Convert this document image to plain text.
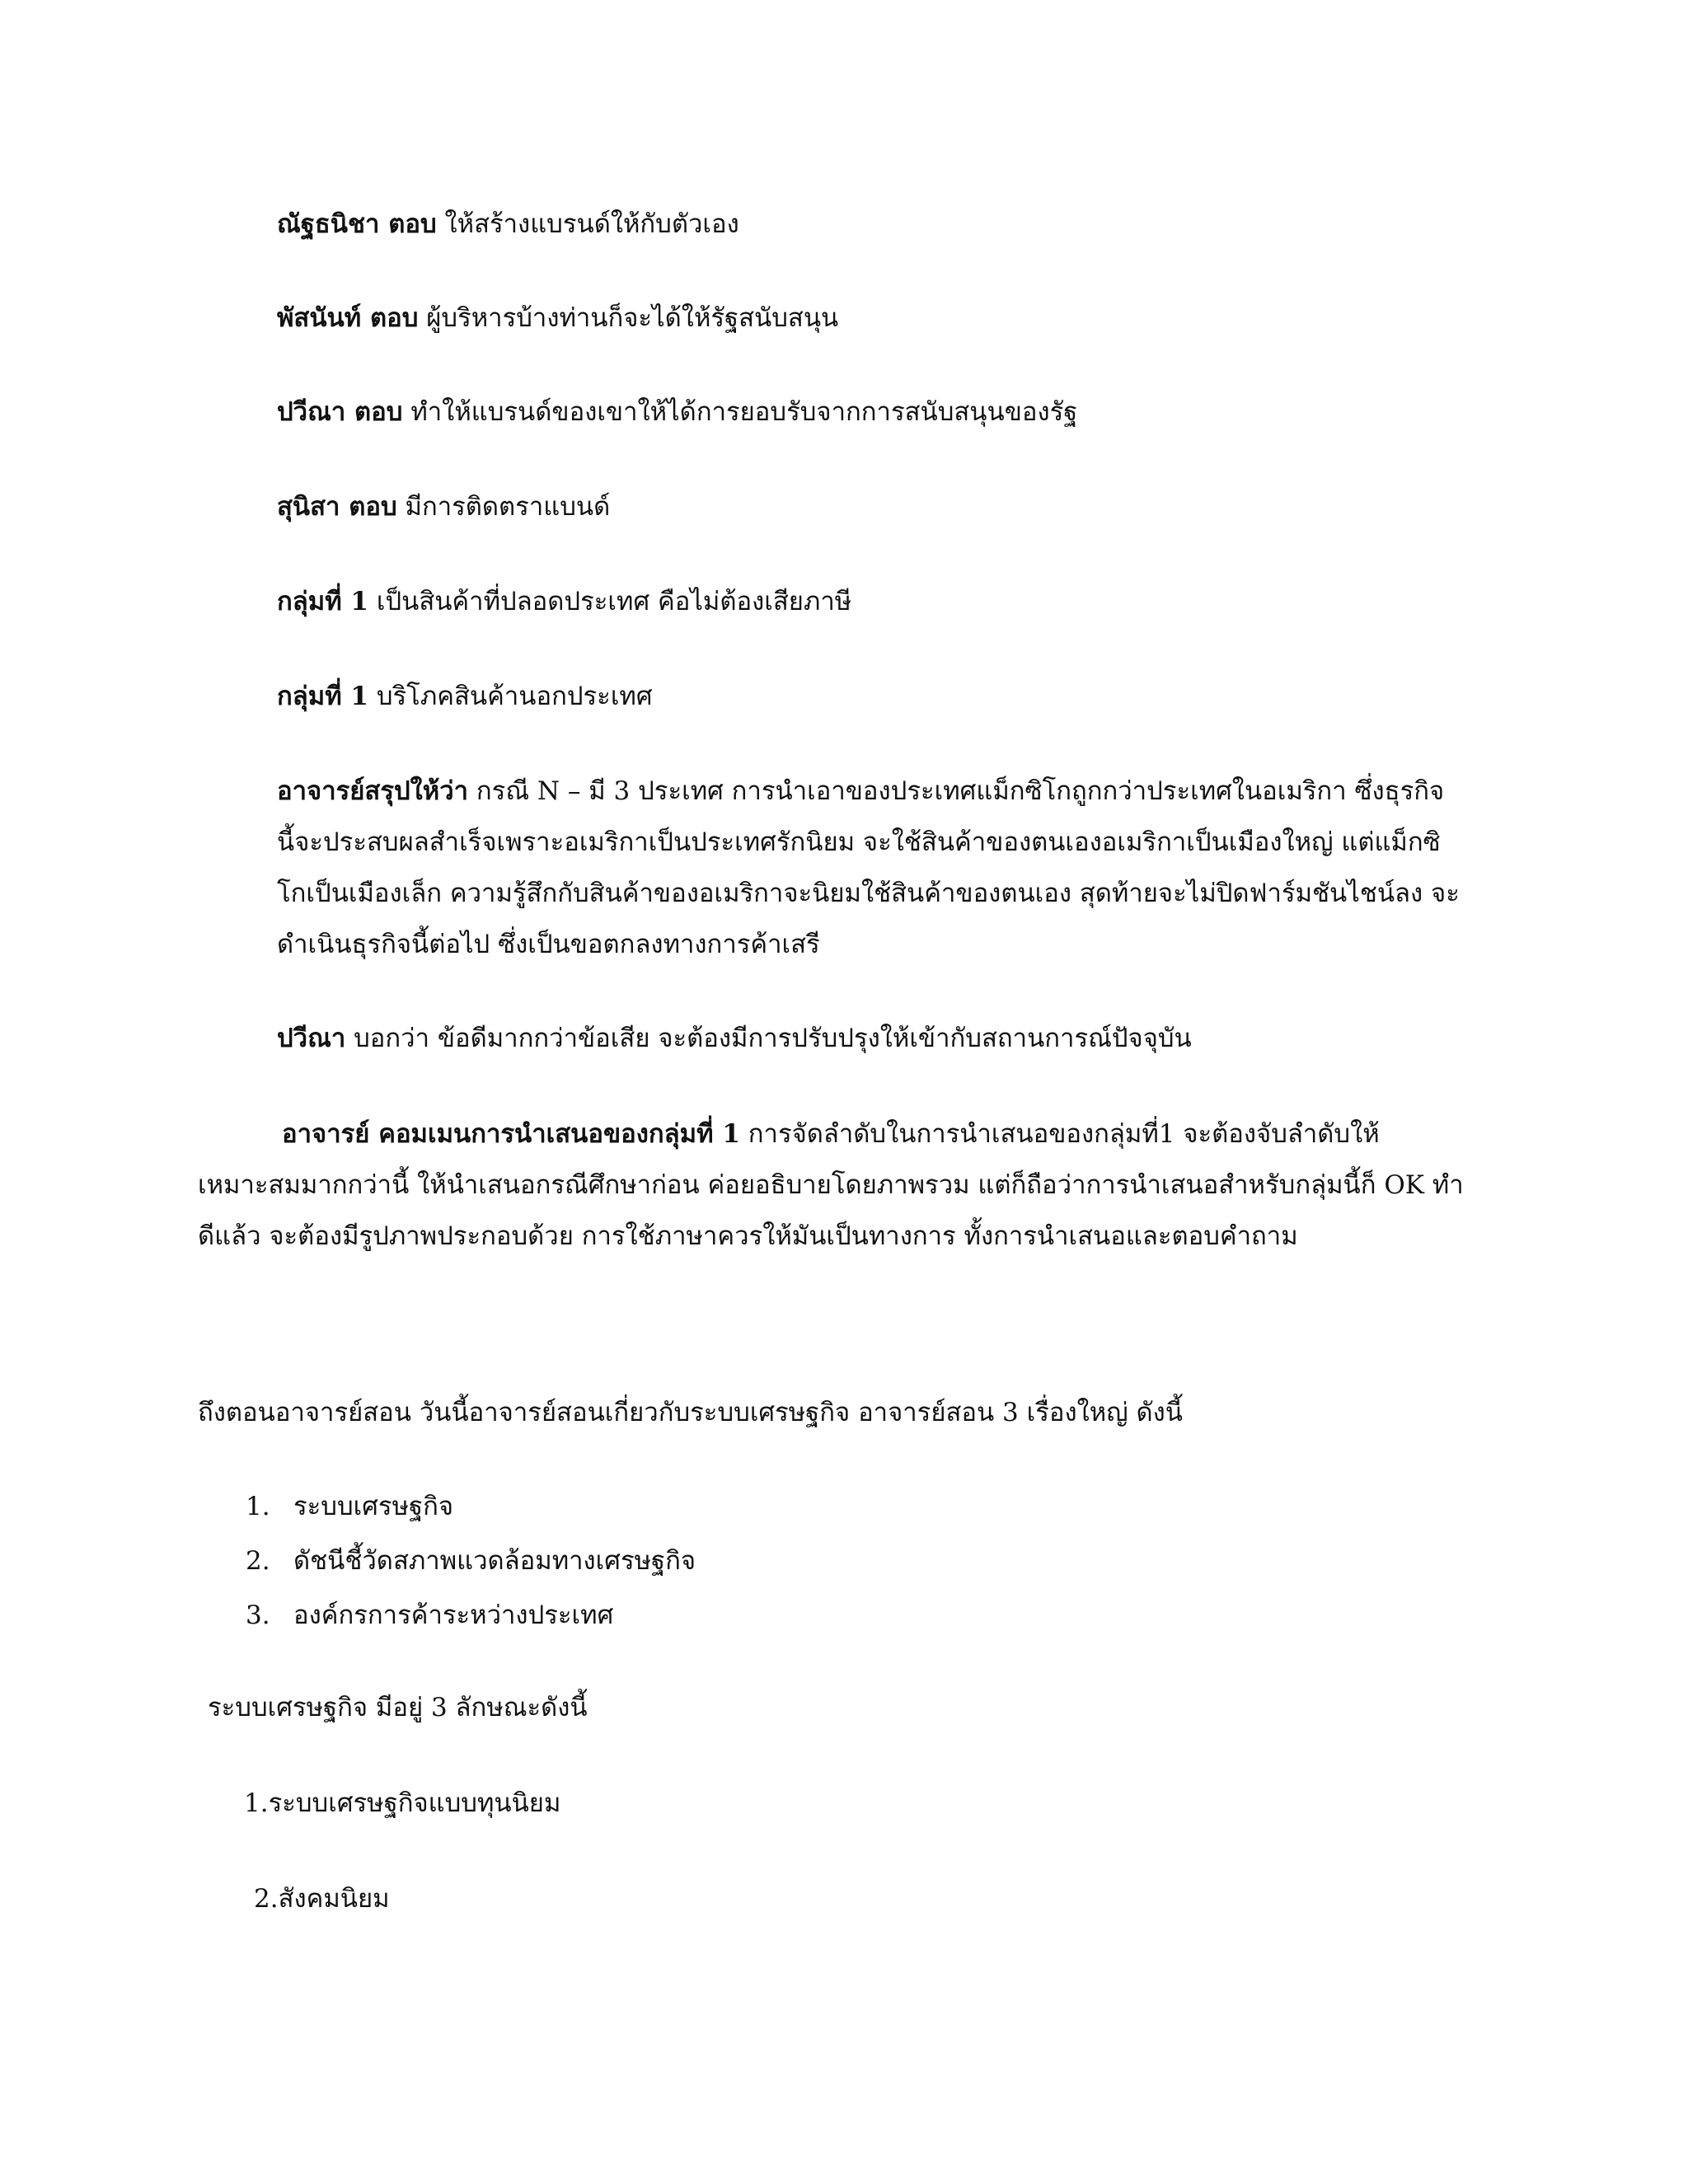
ณัฐธนิชา ตอบ ให้สร้างแบรนด์ให้กับตัวเอง
พัสนันท์ ตอบ ผู้บริหารบ้างท่านก็จะได้ให้รัฐสนับสนุน
ปวีณา ตอบ ทำให้แบรนด์ของเขาให้ได้การยอบรับจากการสนับสนุนของรัฐ
สุนิสา ตอบ มีการติดตราแบนด์
กลุ่มที่ 1 เป็นสินค้าที่ปลอดประเทศ คือไม่ต้องเสียภาษี
กลุ่มที่ 1 บริโภคสินค้านอกประเทศ
อาจารย์สรุปให้ว่า กรณี N – มี 3 ประเทศ การนำเอาของประเทศแม็กซิโกถูกกว่าประเทศในอเมริกา ซึ่งธุรกิจ
นี้จะประสบผลสำเร็จเพราะอเมริกาเป็นประเทศรักนิยม จะใช้สินค้าของตนเองอเมริกาเป็นเมืองใหญ่ แต่แม็กซิ
โกเป็นเมืองเล็ก ความรู้สึกกับสินค้าของอเมริกาจะนิยมใช้สินค้าของตนเอง สุดท้ายจะไม่ปิดฟาร์มชันไชน์ลง จะ
ดำเนินธุรกิจนี้ต่อไป ซึ่งเป็นขอตกลงทางการค้าเสรี
ปวีณา บอกว่า ข้อดีมากกว่าข้อเสีย จะต้องมีการปรับปรุงให้เข้ากับสถานการณ์ปัจจุบัน
อาจารย์ คอมเมนการนำเสนอของกลุ่มที่ 1 การจัดลำดับในการนำเสนอของกลุ่มที่1 จะต้องจับลำดับให้
เหมาะสมมากกว่านี้ ให้นำเสนอกรณีศึกษาก่อน ค่อยอธิบายโดยภาพรวม แต่ก็ถือว่าการนำเสนอสำหรับกลุ่มนี้ก็ OK ทำ
ดีแล้ว จะต้องมีรูปภาพประกอบด้วย การใช้ภาษาควรให้มันเป็นทางการ ทั้งการนำเสนอและตอบคำถาม
ถึงตอนอาจารย์สอน วันนี้อาจารย์สอนเกี่ยวกับระบบเศรษฐกิจ อาจารย์สอน 3 เรื่องใหญ่ ดังนี้
1. ระบบเศรษฐกิจ
2. ดัชนีชี้วัดสภาพแวดล้อมทางเศรษฐกิจ
3. องค์กรการค้าระหว่างประเทศ
ระบบเศรษฐกิจ มีอยู่ 3 ลักษณะดังนี้
1.ระบบเศรษฐกิจแบบทุนนิยม
2.สังคมนิยม
